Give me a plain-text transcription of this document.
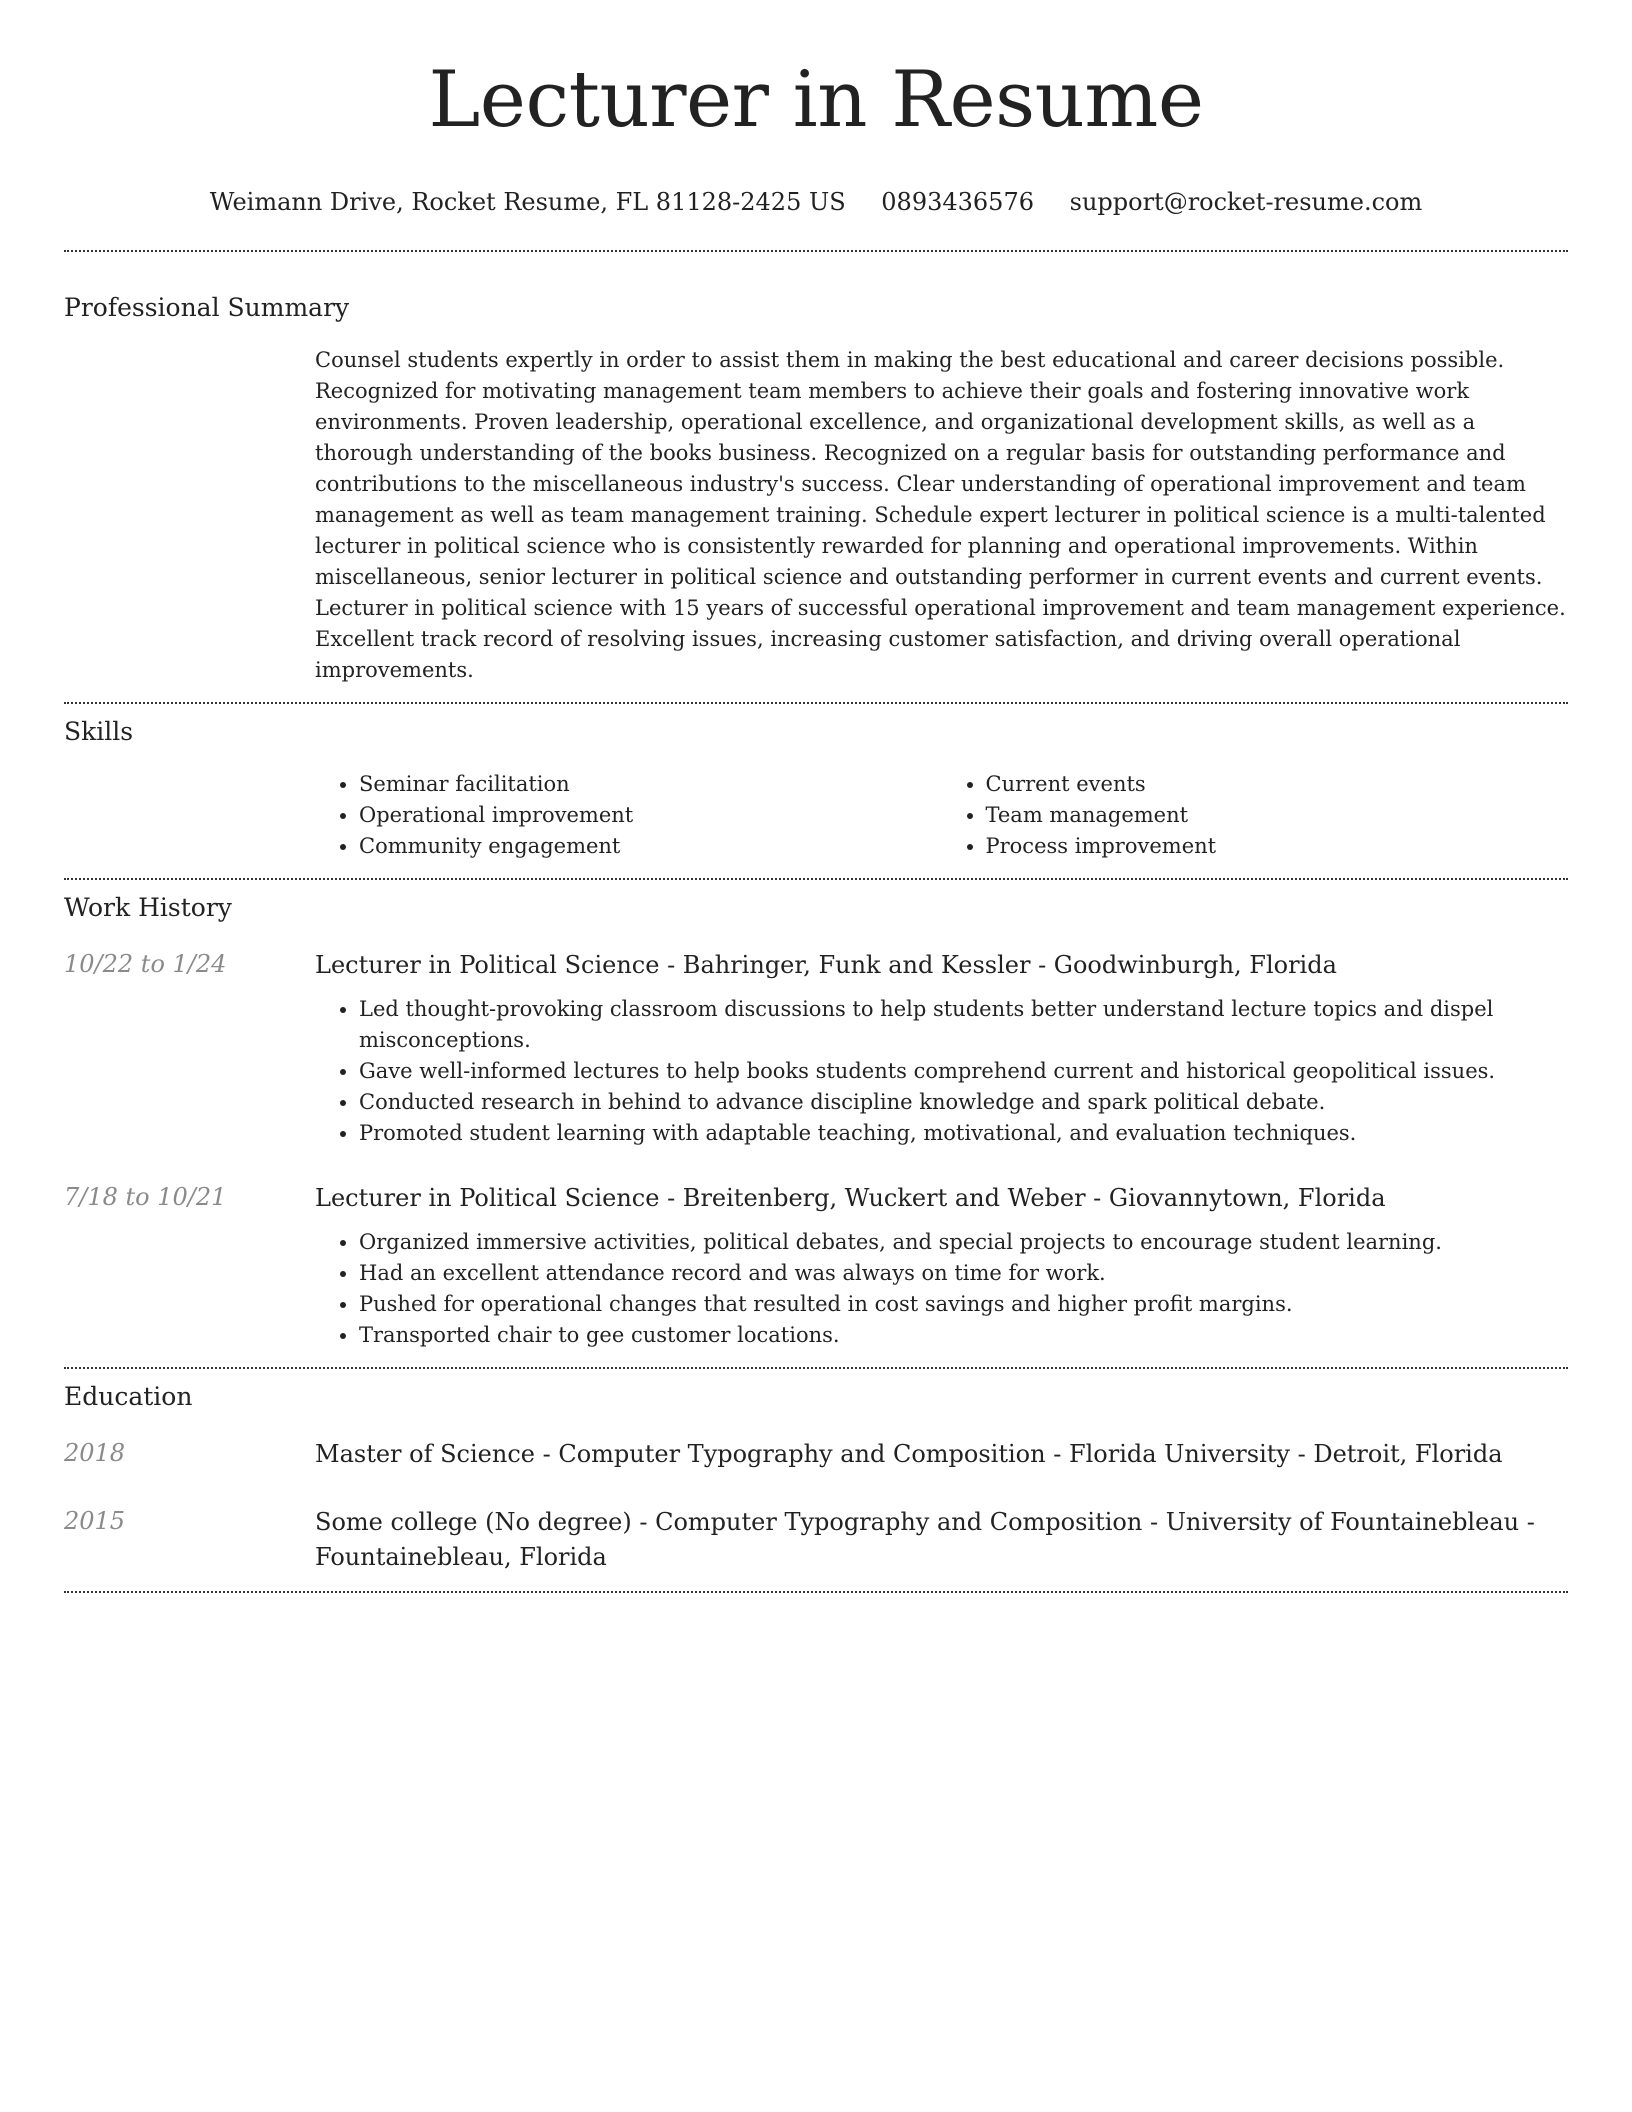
Lecturer in Resume
Weimann Drive, Rocket Resume, FL 81128-2425 US 0893436576 support@rocket-resume.com
Professional Summary

Counsel students expertly in order to assist them in making the best educational and career decisions possible. Recognized for motivating management team members to achieve their goals and fostering innovative work environments. Proven leadership, operational excellence, and organizational development skills, as well as a thorough understanding of the books business. Recognized on a regular basis for outstanding performance and contributions to the miscellaneous industry's success. Clear understanding of operational improvement and team management as well as team management training. Schedule expert lecturer in political science is a multi-talented lecturer in political science who is consistently rewarded for planning and operational improvements. Within miscellaneous, senior lecturer in political science and outstanding performer in current events and current events. Lecturer in political science with 15 years of successful operational improvement and team management experience. Excellent track record of resolving issues, increasing customer satisfaction, and driving overall operational improvements.

Skills
• Seminar facilitation
• Operational improvement
• Community engagement
• Current events
• Team management
• Process improvement
Work History
10/22 to 1/24	Lecturer in Political Science - Bahringer, Funk and Kessler - Goodwinburgh, Florida

• Led thought-provoking classroom discussions to help students better understand lecture topics and dispel misconceptions.
• Gave well-informed lectures to help books students comprehend current and historical geopolitical issues.
• Conducted research in behind to advance discipline knowledge and spark political debate.
• Promoted student learning with adaptable teaching, motivational, and evaluation techniques.
7/18 to 10/21	Lecturer in Political Science - Breitenberg, Wuckert and Weber - Giovannytown, Florida

• Organized immersive activities, political debates, and special projects to encourage student learning.
• Had an excellent attendance record and was always on time for work.
• Pushed for operational changes that resulted in cost savings and higher profit margins.
• Transported chair to gee customer locations.
Education
2018	Master of Science - Computer Typography and Composition - Florida University - Detroit, Florida

2015	Some college (No degree) - Computer Typography and Composition - University of Fountainebleau - Fountainebleau, Florida
